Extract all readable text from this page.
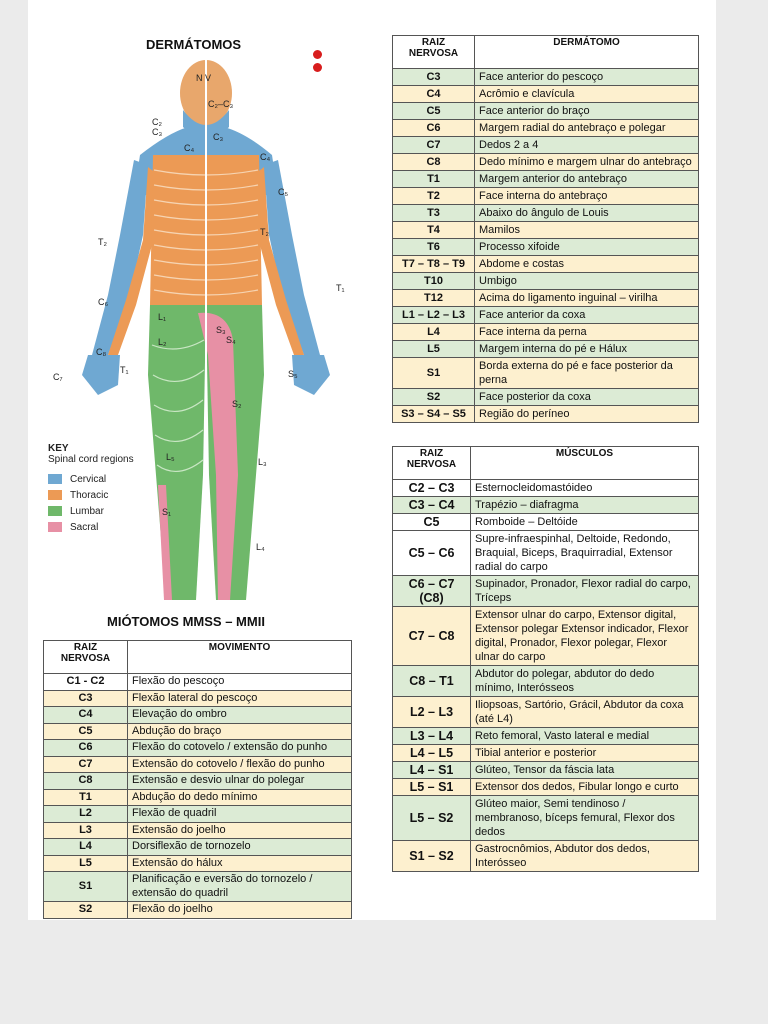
DERMÁTOMOS
N V
C₂
C₃
C₄
C₂–C₃
C₃
C₄
C₅
C₆
C₇
C₈
T₁
T₂
T₁
T₂
L₁
L₂
L₃
L₄
L₅
S₁
S₂
S₃
S₄
S₅
KEY
Spinal cord regions
Cervical
Thoracic
Lumbar
Sacral
RAIZ NERVOSA	DERMÁTOMO
C3	Face anterior do pescoço
C4	Acrômio e clavícula
C5	Face anterior do braço
C6	Margem radial do antebraço e polegar
C7	Dedos 2 a 4
C8	Dedo mínimo e margem ulnar do antebraço
T1	Margem anterior do antebraço
T2	Face interna do antebraço
T3	Abaixo do ângulo de Louis
T4	Mamilos
T6	Processo xifoide
T7 – T8 – T9	Abdome e costas
T10	Umbigo
T12	Acima do ligamento inguinal – virilha
L1 – L2 – L3	Face anterior da coxa
L4	Face interna da perna
L5	Margem interna do pé e Hálux
S1	Borda externa do pé e face posterior da perna
S2	Face posterior da coxa
S3 – S4 – S5	Região do períneo
RAIZ NERVOSA	MÚSCULOS
C2 – C3	Esternocleidomastóideo
C3 – C4	Trapézio – diafragma
C5	Romboide – Deltóide
C5 – C6	Supre-infraespinhal, Deltoide, Redondo, Braquial, Biceps, Braquirradial, Extensor radial do carpo
C6 – C7 (C8)	Supinador, Pronador, Flexor radial do carpo, Tríceps
C7 – C8	Extensor ulnar do carpo, Extensor digital, Extensor polegar Extensor indicador, Flexor digital, Pronador, Flexor polegar, Flexor ulnar do carpo
C8 – T1	Abdutor do polegar, abdutor do dedo mínimo, Interósseos
L2 – L3	Iliopsoas, Sartório, Grácil, Abdutor da coxa (até L4)
L3 – L4	Reto femoral, Vasto lateral e medial
L4 – L5	Tibial anterior e posterior
L4 – S1	Glúteo, Tensor da fáscia lata
L5 – S1	Extensor dos dedos, Fibular longo e curto
L5 – S2	Glúteo maior, Semi tendinoso / membranoso, bíceps femural, Flexor dos dedos
S1 – S2	Gastrocnômios, Abdutor dos dedos, Interósseo
MIÓTOMOS MMSS – MMII
RAIZ NERVOSA	MOVIMENTO
C1 - C2	Flexão do pescoço
C3	Flexão lateral do pescoço
C4	Elevação do ombro
C5	Abdução do braço
C6	Flexão do cotovelo / extensão do punho
C7	Extensão do cotovelo / flexão do punho
C8	Extensão e desvio ulnar do polegar
T1	Abdução do dedo mínimo
L2	Flexão de quadril
L3	Extensão do joelho
L4	Dorsiflexão de tornozelo
L5	Extensão do hálux
S1	Planificação e eversão do tornozelo / extensão do quadril
S2	Flexão do joelho
